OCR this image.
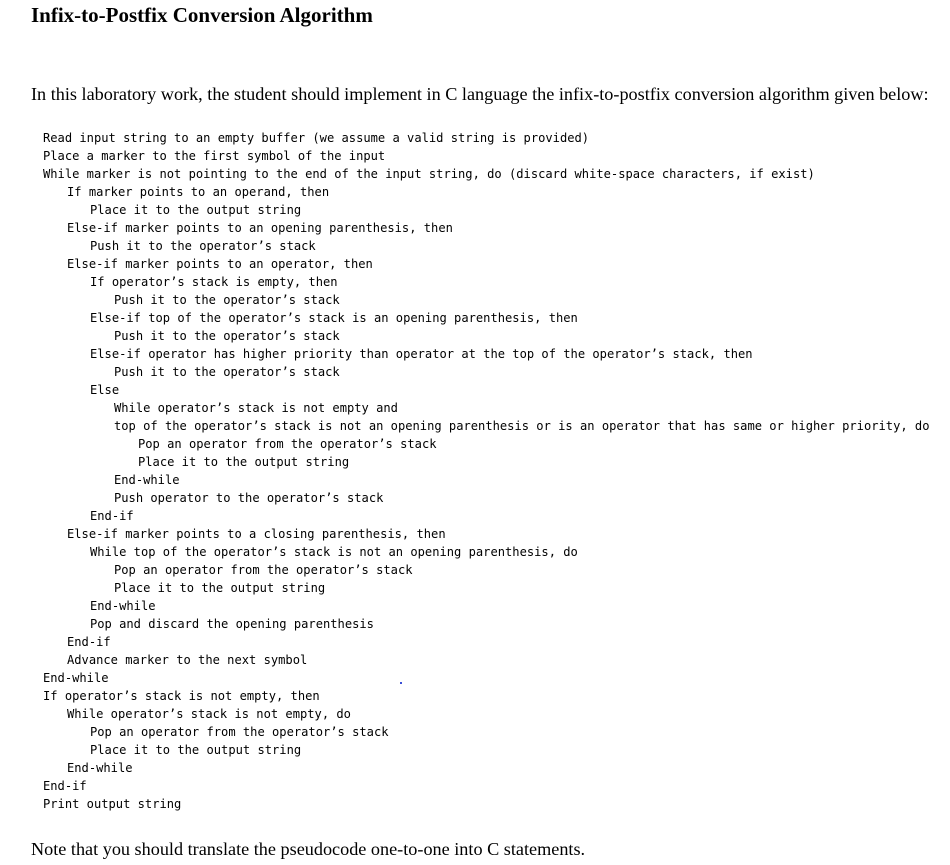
Infix-to-Postfix Conversion Algorithm

In this laboratory work, the student should implement in C language the infix-to-postfix conversion algorithm given below:

Read input string to an empty buffer (we assume a valid string is provided)
Place a marker to the first symbol of the input
While marker is not pointing to the end of the input string, do (discard white-space characters, if exist)
If marker points to an operand, then
Place it to the output string
Else-if marker points to an opening parenthesis, then
Push it to the operator’s stack
Else-if marker points to an operator, then
If operator’s stack is empty, then
Push it to the operator’s stack
Else-if top of the operator’s stack is an opening parenthesis, then
Push it to the operator’s stack
Else-if operator has higher priority than operator at the top of the operator’s stack, then
Push it to the operator’s stack
Else
While operator’s stack is not empty and
top of the operator’s stack is not an opening parenthesis or is an operator that has same or higher priority, do
Pop an operator from the operator’s stack
Place it to the output string
End-while
Push operator to the operator’s stack
End-if
Else-if marker points to a closing parenthesis, then
While top of the operator’s stack is not an opening parenthesis, do
Pop an operator from the operator’s stack
Place it to the output string
End-while
Pop and discard the opening parenthesis
End-if
Advance marker to the next symbol
End-while
If operator’s stack is not empty, then
While operator’s stack is not empty, do
Pop an operator from the operator’s stack
Place it to the output string
End-while
End-if
Print output string

Note that you should translate the pseudocode one-to-one into C statements.
